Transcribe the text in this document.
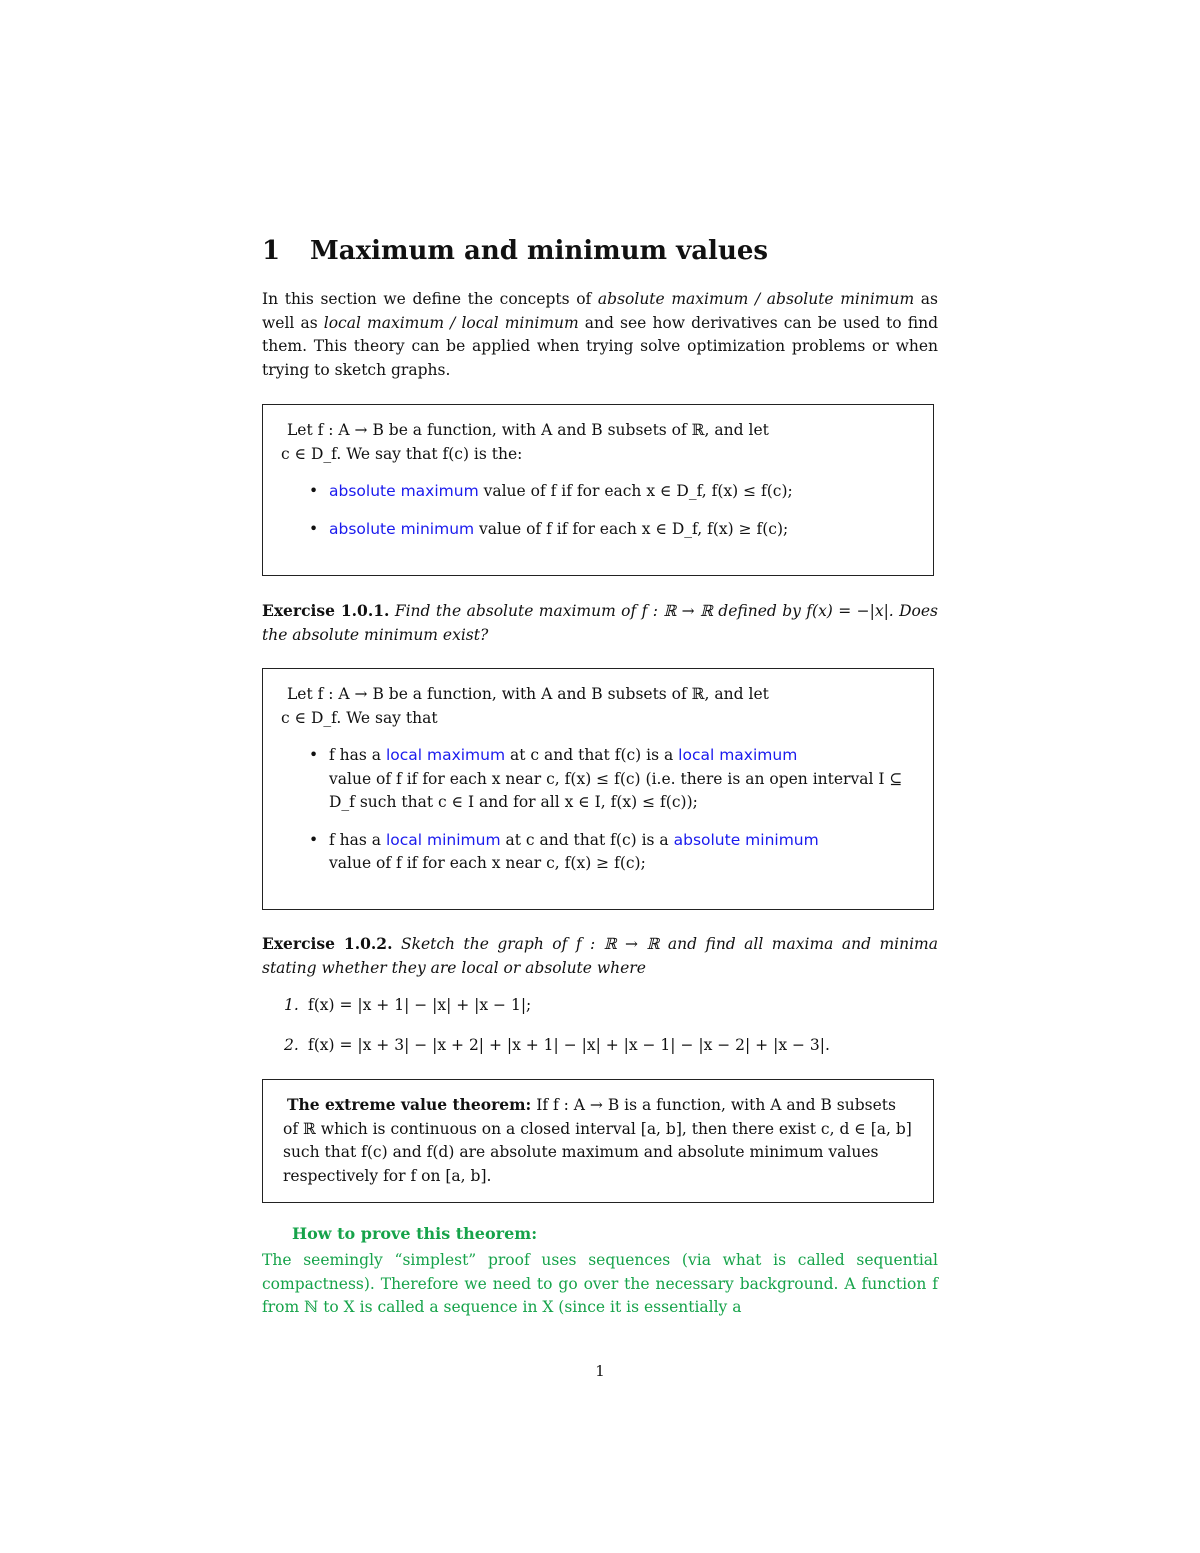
1 Maximum and minimum values

In this section we define the concepts of absolute maximum / absolute minimum as well as local maximum / local minimum and see how derivatives can be used to find them. This theory can be applied when trying solve optimization problems or when trying to sketch graphs.

Let f : A → B be a function, with A and B subsets of ℝ, and let

c ∈ D_f. We say that f(c) is the:

• absolute maximum value of f if for each x ∈ D_f, f(x) ≤ f(c);
• absolute minimum value of f if for each x ∈ D_f, f(x) ≥ f(c);

Exercise 1.0.1. Find the absolute maximum of f : ℝ → ℝ defined by f(x) = −|x|. Does the absolute minimum exist?

Let f : A → B be a function, with A and B subsets of ℝ, and let

c ∈ D_f. We say that

• f has a local maximum at c and that f(c) is a local maximum
value of f if for each x near c, f(x) ≤ f(c) (i.e. there is an open interval I ⊆ D_f such that c ∈ I and for all x ∈ I, f(x) ≤ f(c));
• f has a local minimum at c and that f(c) is a absolute minimum
value of f if for each x near c, f(x) ≥ f(c);

Exercise 1.0.2. Sketch the graph of f : ℝ → ℝ and find all maxima and minima stating whether they are local or absolute where

1. f(x) = |x + 1| − |x| + |x − 1|;

2. f(x) = |x + 3| − |x + 2| + |x + 1| − |x| + |x − 1| − |x − 2| + |x − 3|.

The extreme value theorem: If f : A → B is a function, with A and B subsets of ℝ which is continuous on a closed interval [a, b], then there exist c, d ∈ [a, b] such that f(c) and f(d) are absolute maximum and absolute minimum values respectively for f on [a, b].

How to prove this theorem:

The seemingly “simplest” proof uses sequences (via what is called sequential compactness). Therefore we need to go over the necessary background. A function f from ℕ to X is called a sequence in X (since it is essentially a

1
